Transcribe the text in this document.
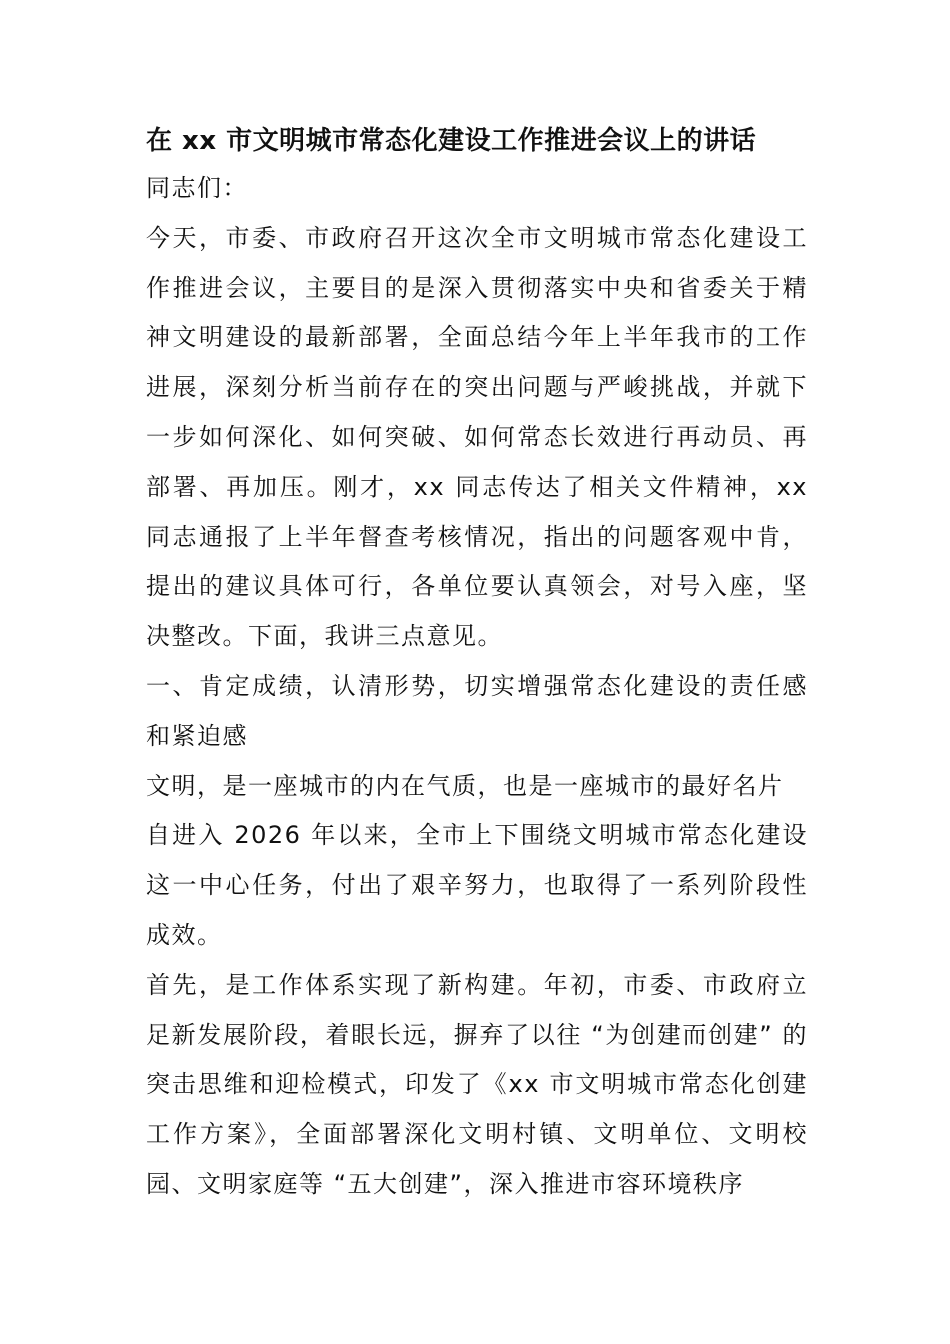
在 xx 市文明城市常态化建设工作推进会议上的讲话

同志们：

今天，市委、市政府召开这次全市文明城市常态化建设工作推进会议，主要目的是深入贯彻落实中央和省委关于精神文明建设的最新部署，全面总结今年上半年我市的工作进展，深刻分析当前存在的突出问题与严峻挑战，并就下一步如何深化、如何突破、如何常态长效进行再动员、再部署、再加压。刚才，xx 同志传达了相关文件精神，xx 同志通报了上半年督查考核情况，指出的问题客观中肯，提出的建议具体可行，各单位要认真领会，对号入座，坚决整改。下面，我讲三点意见。

一、肯定成绩，认清形势，切实增强常态化建设的责任感和紧迫感

文明，是一座城市的内在气质，也是一座城市的最好名片

自进入 2026 年以来，全市上下围绕文明城市常态化建设这一中心任务，付出了艰辛努力，也取得了一系列阶段性成效。

首先，是工作体系实现了新构建。年初，市委、市政府立足新发展阶段，着眼长远，摒弃了以往 “为创建而创建” 的突击思维和迎检模式，印发了《xx 市文明城市常态化创建工作方案》，全面部署深化文明村镇、文明单位、文明校园、文明家庭等 “五大创建”，深入推进市容环境秩序
